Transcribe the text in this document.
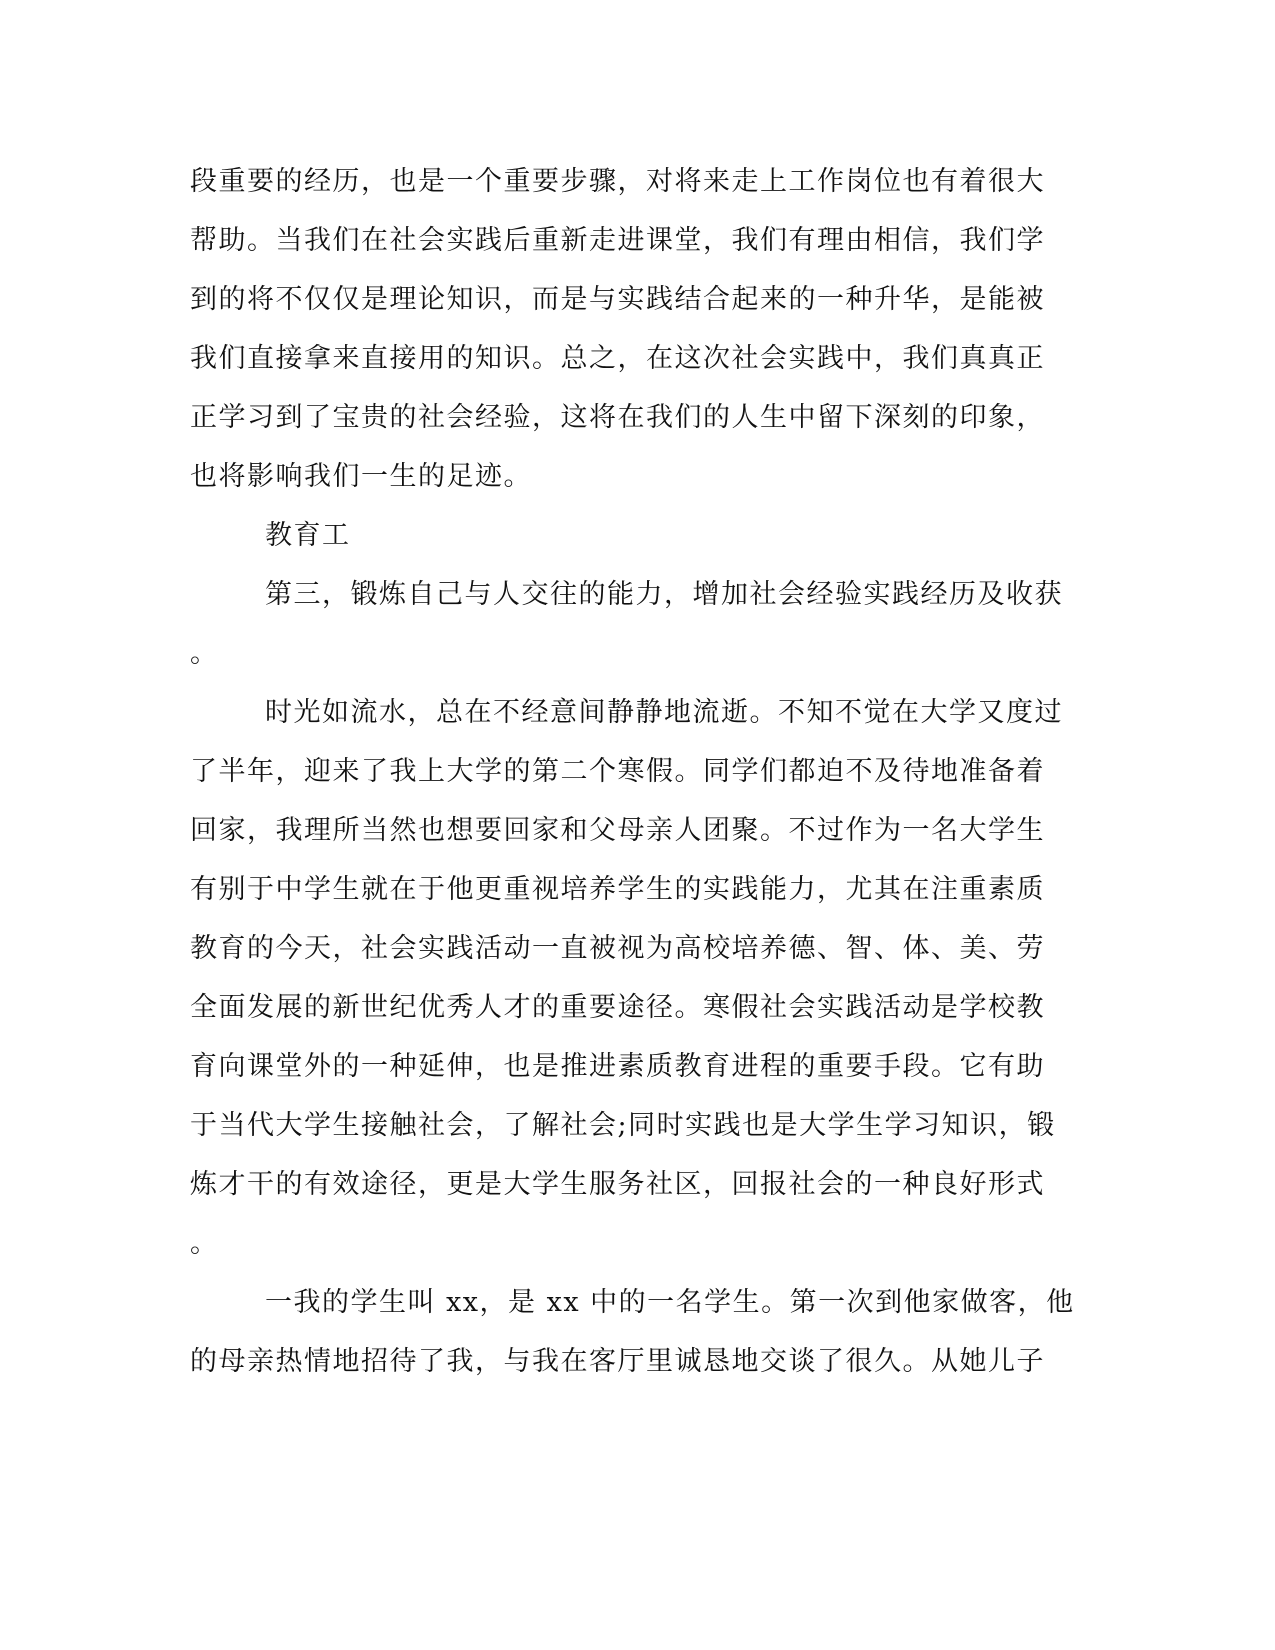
段重要的经历，也是一个重要步骤，对将来走上工作岗位也有着很大
帮助。当我们在社会实践后重新走进课堂，我们有理由相信，我们学
到的将不仅仅是理论知识，而是与实践结合起来的一种升华，是能被
我们直接拿来直接用的知识。总之，在这次社会实践中，我们真真正
正学习到了宝贵的社会经验，这将在我们的人生中留下深刻的印象，
也将影响我们一生的足迹。
教育工
第三，锻炼自己与人交往的能力，增加社会经验实践经历及收获
。
时光如流水，总在不经意间静静地流逝。不知不觉在大学又度过
了半年，迎来了我上大学的第二个寒假。同学们都迫不及待地准备着
回家，我理所当然也想要回家和父母亲人团聚。不过作为一名大学生
有别于中学生就在于他更重视培养学生的实践能力，尤其在注重素质
教育的今天，社会实践活动一直被视为高校培养德、智、体、美、劳
全面发展的新世纪优秀人才的重要途径。寒假社会实践活动是学校教
育向课堂外的一种延伸，也是推进素质教育进程的重要手段。它有助
于当代大学生接触社会，了解社会;同时实践也是大学生学习知识，锻
炼才干的有效途径，更是大学生服务社区，回报社会的一种良好形式
。
一我的学生叫 xx，是 xx 中的一名学生。第一次到他家做客，他
的母亲热情地招待了我，与我在客厅里诚恳地交谈了很久。从她儿子
